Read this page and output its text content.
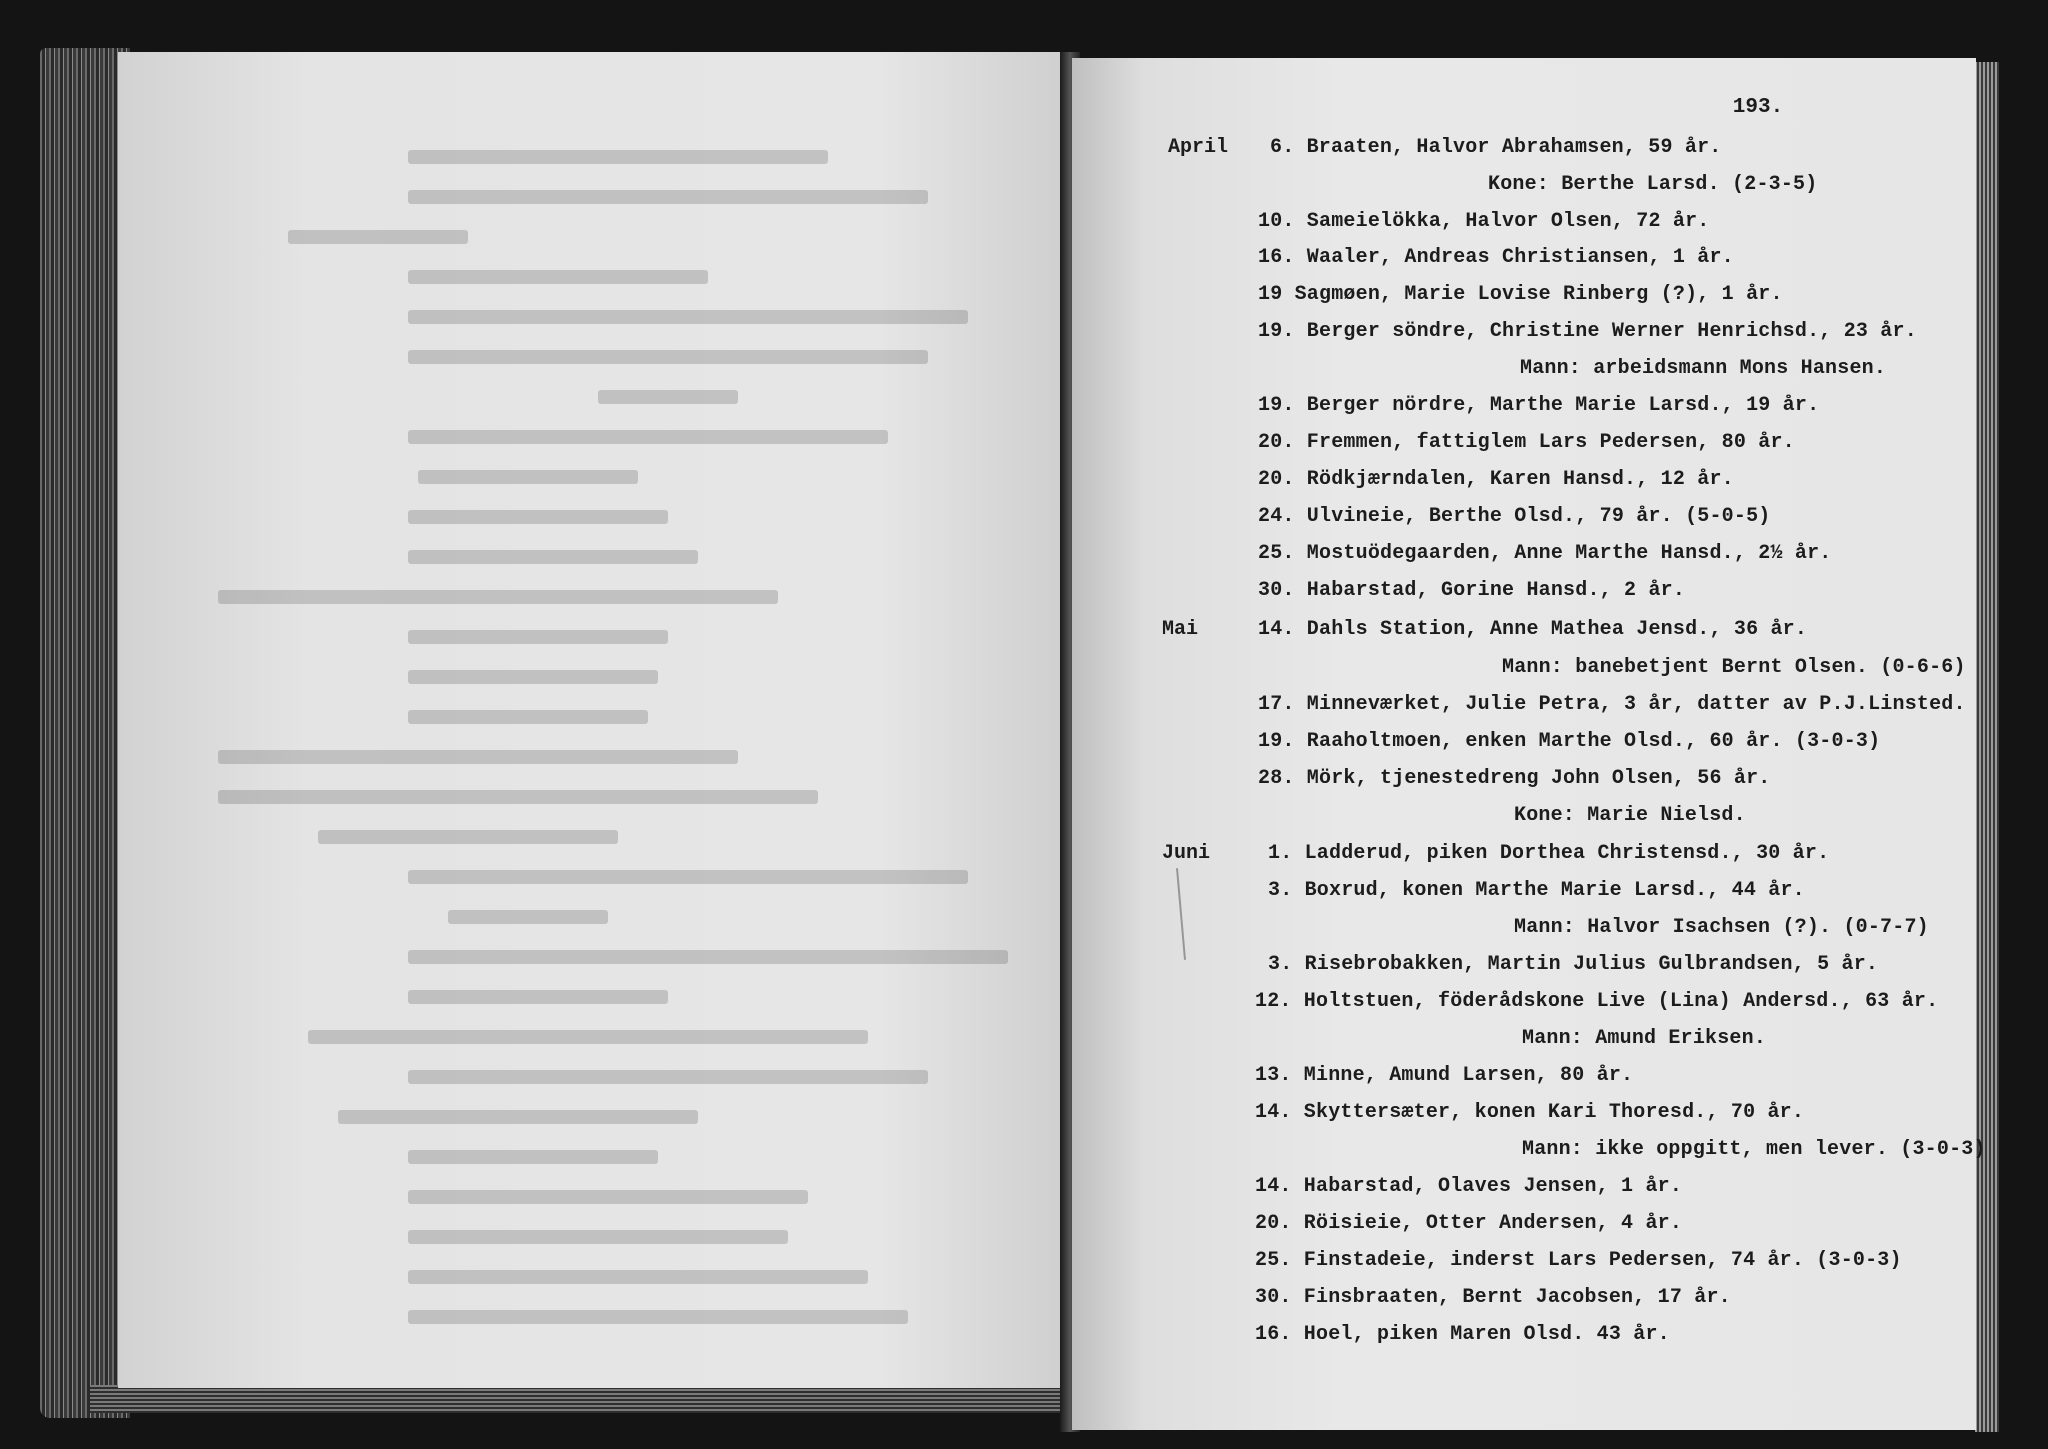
193.
April
Mai
Juni
6. Braaten, Halvor Abrahamsen, 59 år.
Kone: Berthe Larsd. (2-3-5)
10. Sameielökka, Halvor Olsen, 72 år.
16. Waaler, Andreas Christiansen, 1 år.
19 Sagmøen, Marie Lovise Rinberg (?), 1 år.
19. Berger söndre, Christine Werner Henrichsd., 23 år.
Mann: arbeidsmann Mons Hansen.
19. Berger nördre, Marthe Marie Larsd., 19 år.
20. Fremmen, fattiglem Lars Pedersen, 80 år.
20. Rödkjærndalen, Karen Hansd., 12 år.
24. Ulvineie, Berthe Olsd., 79 år. (5-0-5)
25. Mostuödegaarden, Anne Marthe Hansd., 2½ år.
30. Habarstad, Gorine Hansd., 2 år.
14. Dahls Station, Anne Mathea Jensd., 36 år.
Mann: banebetjent Bernt Olsen. (0-6-6)
17. Minneværket, Julie Petra, 3 år, datter av P.J.Linsted.
19. Raaholtmoen, enken Marthe Olsd., 60 år. (3-0-3)
28. Mörk, tjenestedreng John Olsen, 56 år.
Kone: Marie Nielsd.
1. Ladderud, piken Dorthea Christensd., 30 år.
3. Boxrud, konen Marthe Marie Larsd., 44 år.
Mann: Halvor Isachsen (?). (0-7-7)
3. Risebrobakken, Martin Julius Gulbrandsen, 5 år.
12. Holtstuen, föderådskone Live (Lina) Andersd., 63 år.
Mann: Amund Eriksen.
13. Minne, Amund Larsen, 80 år.
14. Skyttersæter, konen Kari Thoresd., 70 år.
Mann: ikke oppgitt, men lever. (3-0-3)
14. Habarstad, Olaves Jensen, 1 år.
20. Röisieie, Otter Andersen, 4 år.
25. Finstadeie, inderst Lars Pedersen, 74 år. (3-0-3)
30. Finsbraaten, Bernt Jacobsen, 17 år.
16. Hoel, piken Maren Olsd. 43 år.
